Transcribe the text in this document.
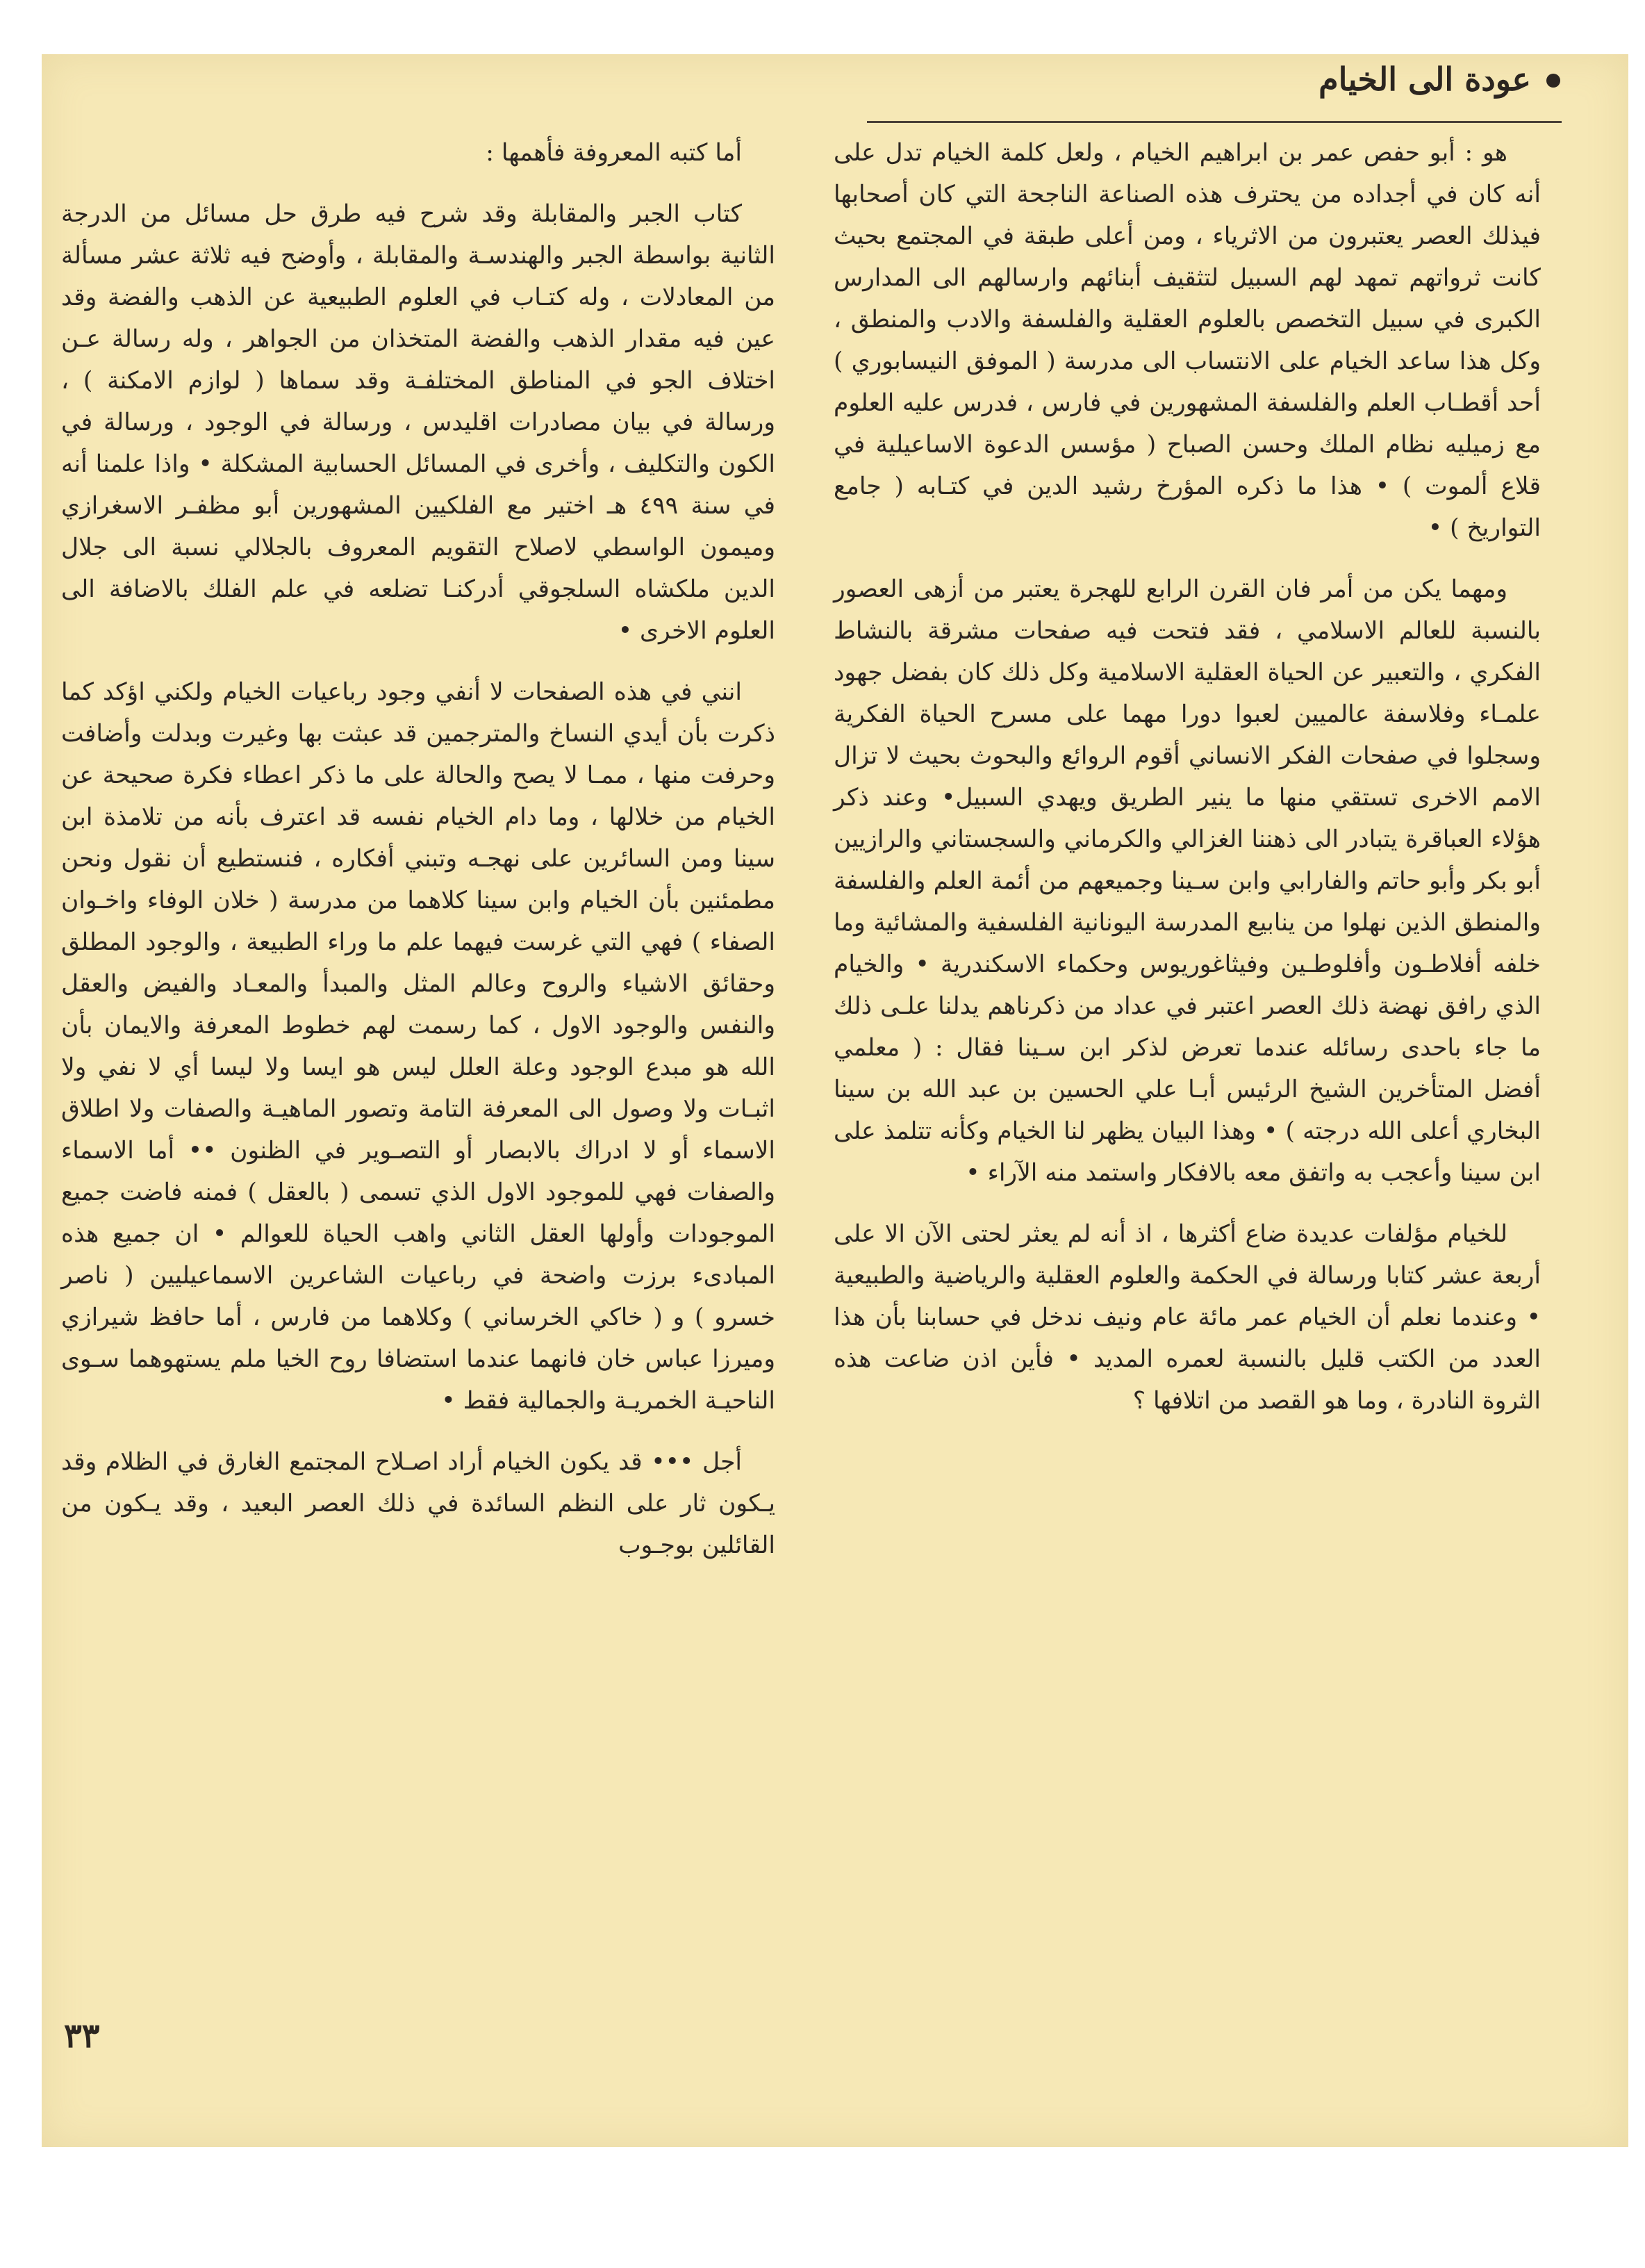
عودة الى الخيام

هو : أبو حفص عمر بن ابراهيم الخيام ، ولعل كلمة الخيام تدل على أنه كان في أجداده من يحترف هذه الصناعة الناجحة التي كان أصحابها فيذلك العصر يعتبرون من الاثرياء ، ومن أعلى طبقة في المجتمع بحيث كانت ثرواتهم تمهد لهم السبيل لتثقيف أبنائهم وارسالهم الى المدارس الكبرى في سبيل التخصص بالعلوم العقلية والفلسفة والادب والمنطق ، وكل هذا ساعد الخيام على الانتساب الى مدرسة ( الموفق النيسابوري ) أحد أقطـاب العلم والفلسفة المشهورين في فارس ، فدرس عليه العلوم مع زميليه نظام الملك وحسن الصباح ( مؤسس الدعوة الاساعيلية في قلاع ألموت ) • هذا ما ذكره المؤرخ رشيد الدين في كتـابه ( جامع التواريخ ) •

ومهما يكن من أمر فان القرن الرابع للهجرة يعتبر من أزهى العصور بالنسبة للعالم الاسلامي ، فقد فتحت فيه صفحات مشرقة بالنشاط الفكري ، والتعبير عن الحياة العقلية الاسلامية وكل ذلك كان بفضل جهود علمـاء وفلاسفة عالميين لعبوا دورا مهما على مسرح الحياة الفكرية وسجلوا في صفحات الفكر الانساني أقوم الروائع والبحوث بحيث لا تزال الامم الاخرى تستقي منها ما ينير الطريق ويهدي السبيل• وعند ذكر هؤلاء العباقرة يتبادر الى ذهننا الغزالي والكرماني والسجستاني والرازيين أبو بكر وأبو حاتم والفارابي وابن سـينا وجميعهم من أئمة العلم والفلسفة والمنطق الذين نهلوا من ينابيع المدرسة اليونانية الفلسفية والمشائية وما خلفه أفلاطـون وأفلوطـين وفيثاغوريوس وحكماء الاسكندرية • والخيام الذي رافق نهضة ذلك العصر اعتبر في عداد من ذكرناهم يدلنا علـى ذلك ما جاء باحدى رسائله عندما تعرض لذكر ابن سـينا فقال : ( معلمي أفضل المتأخرين الشيخ الرئيس أبـا علي الحسين بن عبد الله بن سينا البخاري أعلى الله درجته ) • وهذا البيان يظهر لنا الخيام وكأنه تتلمذ على ابن سينا وأعجب به واتفق معه بالافكار واستمد منه الآراء •

للخيام مؤلفات عديدة ضاع أكثرها ، اذ أنه لم يعثر لحتى الآن الا على أربعة عشر كتابا ورسالة في الحكمة والعلوم العقلية والرياضية والطبيعية • وعندما نعلم أن الخيام عمر مائة عام ونيف ندخل في حسابنا بأن هذا العدد من الكتب قليل بالنسبة لعمره المديد • فأين اذن ضاعت هذه الثروة النادرة ، وما هو القصد من اتلافها ؟

أما كتبه المعروفة فأهمها :

كتاب الجبر والمقابلة وقد شرح فيه طرق حل مسائل من الدرجة الثانية بواسطة الجبر والهندسـة والمقابلة ، وأوضح فيه ثلاثة عشر مسألة من المعادلات ، وله كتـاب في العلوم الطبيعية عن الذهب والفضة وقد عين فيه مقدار الذهب والفضة المتخذان من الجواهر ، وله رسالة عـن اختلاف الجو في المناطق المختلفـة وقد سماها ( لوازم الامكنة ) ، ورسالة في بيان مصادرات اقليدس ، ورسالة في الوجود ، ورسالة في الكون والتكليف ، وأخرى في المسائل الحسابية المشكلة • واذا علمنا أنه في سنة ٤٩٩ هـ اختير مع الفلكيين المشهورين أبو مظفـر الاسغرازي وميمون الواسطي لاصلاح التقويم المعروف بالجلالي نسبة الى جلال الدين ملكشاه السلجوقي أدركنـا تضلعه في علم الفلك بالاضافة الى العلوم الاخرى •

انني في هذه الصفحات لا أنفي وجود رباعيات الخيام ولكني اؤكد كما ذكرت بأن أيدي النساخ والمترجمين قد عبثت بها وغيرت وبدلت وأضافت وحرفت منها ، ممـا لا يصح والحالة على ما ذكر اعطاء فكرة صحيحة عن الخيام من خلالها ، وما دام الخيام نفسه قد اعترف بأنه من تلامذة ابن سينا ومن السائرين على نهجـه وتبني أفكاره ، فنستطيع أن نقول ونحن مطمئنين بأن الخيام وابن سينا كلاهما من مدرسة ( خلان الوفاء واخـوان الصفاء ) فهي التي غرست فيهما علم ما وراء الطبيعة ، والوجود المطلق وحقائق الاشياء والروح وعالم المثل والمبدأ والمعـاد والفيض والعقل والنفس والوجود الاول ، كما رسمت لهم خطوط المعرفة والايمان بأن الله هو مبدع الوجود وعلة العلل ليس هو ايسا ولا ليسا أي لا نفي ولا اثبـات ولا وصول الى المعرفة التامة وتصور الماهيـة والصفات ولا اطلاق الاسماء أو لا ادراك بالابصار أو التصـوير في الظنون •• أما الاسماء والصفات فهي للموجود الاول الذي تسمى ( بالعقل ) فمنه فاضت جميع الموجودات وأولها العقل الثاني واهب الحياة للعوالم • ان جميع هذه المبادىء برزت واضحة في رباعيات الشاعرين الاسماعيليين ( ناصر خسرو ) و ( خاكي الخرساني ) وكلاهما من فارس ، أما حافظ شيرازي وميرزا عباس خان فانهما عندما استضافا روح الخيا ملم يستهوهما سـوى الناحيـة الخمريـة والجمالية فقط •

أجل ••• قد يكون الخيام أراد اصـلاح المجتمع الغارق في الظلام وقد يـكون ثار على النظم السائدة في ذلك العصر البعيد ، وقد يـكون من القائلين بوجـوب

٣٣
